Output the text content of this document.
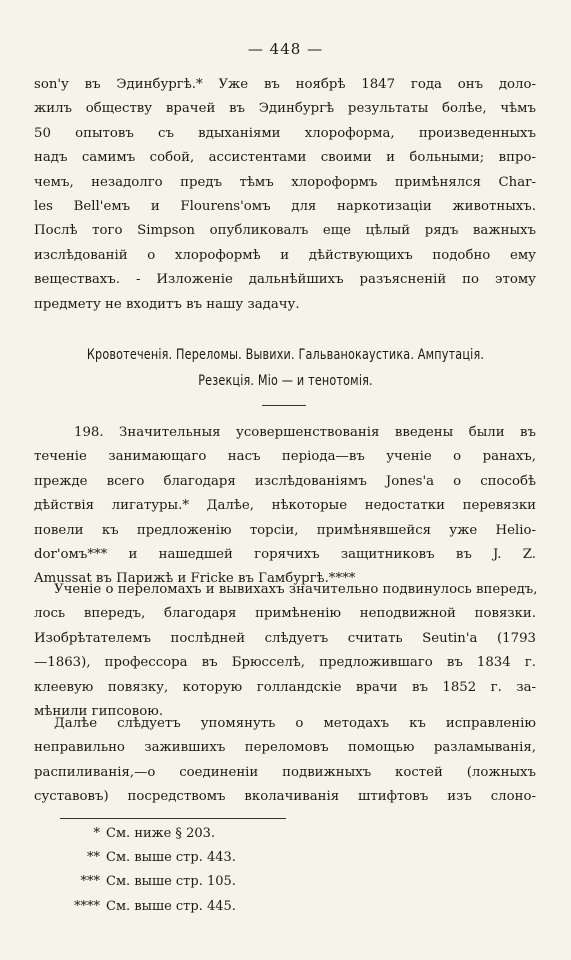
— 448 —

son'у въ Эдинбургѣ.* Уже въ ноябрѣ 1847 года онъ доло-
жилъ обществу врачей въ Эдинбургѣ результаты болѣе, чѣмъ
50 опытовъ съ вдыханіями хлороформа, произведенныхъ
надъ самимъ собой, ассистентами своими и больными; впро-
чемъ, незадолго предъ тѣмъ хлороформъ примѣнялся Char-
les Bell'емъ и Flourens'омъ для наркотизаціи животныхъ.
Послѣ того Simpson опубликовалъ еще цѣлый рядъ важныхъ
изслѣдованій о хлороформѣ и дѣйствующихъ подобно ему
веществахъ. - Изложеніе дальнѣйшихъ разъясненій по этому
предмету не входитъ въ нашу задачу.

Кровотеченія. Переломы. Вывихи. Гальванокаустика. Ампутація.
Резекція. Міо — и тенотомія.

198. Значительныя усовершенствованія введены были въ
теченіе занимающаго насъ періода—въ ученіе о ранахъ,
прежде всего благодаря изслѣдованіямъ Jones'а о способѣ
дѣйствія лигатуры.* Далѣе, нѣкоторые недостатки перевязки
повели къ предложенію торсіи, примѣнявшейся уже Helio-
dor'омъ*** и нашедшей горячихъ защитниковъ въ J. Z.
Amussat въ Парижѣ и Fricke въ Гамбургѣ.****

Ученіе о переломахъ и вывихахъ значительно подвинулось впередъ,
лось впередъ, благодаря примѣненію неподвижной повязки.
Изобрѣтателемъ послѣдней слѣдуетъ считать Seutin'а (1793
—1863), профессора въ Брюсселѣ, предложившаго въ 1834 г.
клеевую повязку, которую голландскіе врачи въ 1852 г. за-
мѣнили гипсовою.

Далѣе слѣдуетъ упомянуть о методахъ къ исправленію
неправильно зажившихъ переломовъ помощью разламыванія,
распиливанія,—о соединеніи подвижныхъ костей (ложныхъ
суставовъ) посредствомъ вколачиванія штифтовъ изъ слоно-

* См. ниже § 203.
** См. выше стр. 443.
*** См. выше стр. 105.
**** См. выше стр. 445.
